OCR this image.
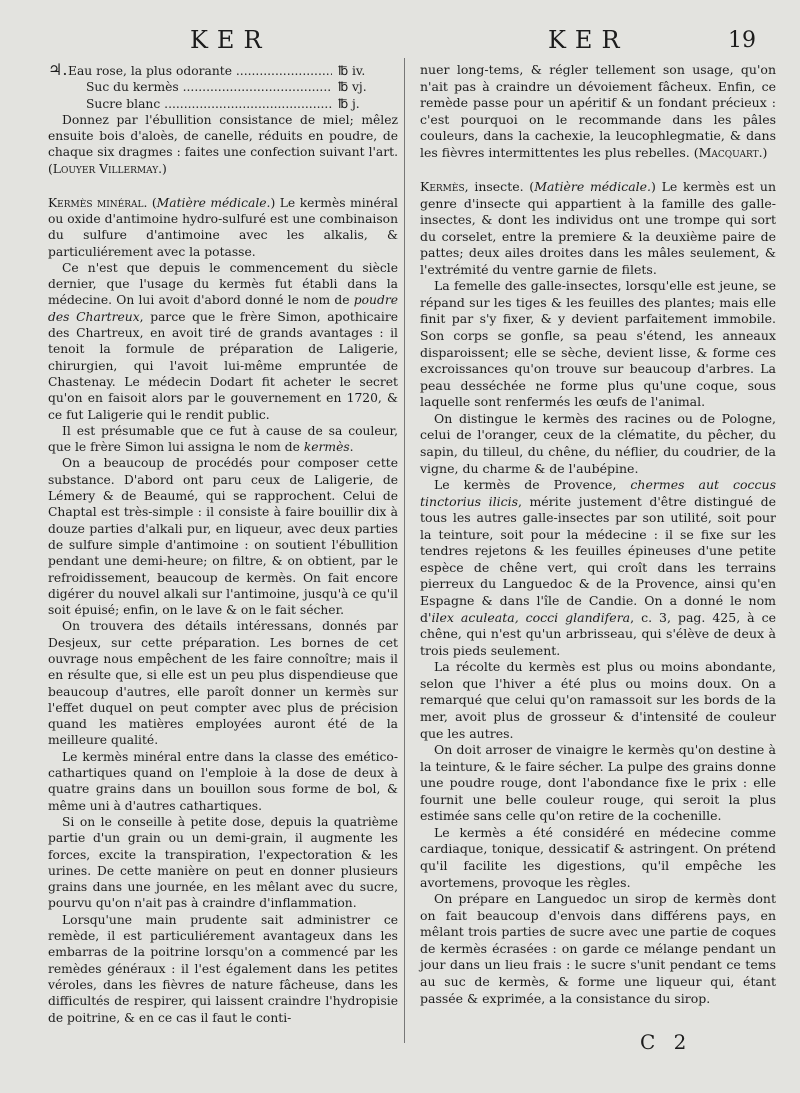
KER	KER	19
♃. Eau rose, la plus odorante .....	℔ iv.
Suc du kermès .....	℔ vj.
Sucre blanc .....	℔ j.

Donnez par l'ébullition consistance de miel; mêlez ensuite bois d'aloès, de canelle, réduits en poudre, de chaque six dragmes : faites une confection suivant l'art. (Louyer Villermay.)

Kermès minéral. (Matière médicale.) Le kermès minéral ou oxide d'antimoine hydro-sulfuré est une combinaison du sulfure d'antimoine avec les alkalis, & particuliérement avec la potasse.

Ce n'est que depuis le commencement du siècle dernier, que l'usage du kermès fut établi dans la médecine. On lui avoit d'abord donné le nom de poudre des Chartreux, parce que le frère Simon, apothicaire des Chartreux, en avoit tiré de grands avantages : il tenoit la formule de préparation de Laligerie, chirurgien, qui l'avoit lui-même empruntée de Chastenay. Le médecin Dodart fit acheter le secret qu'on en faisoit alors par le gouvernement en 1720, & ce fut Laligerie qui le rendit public.

Il est présumable que ce fut à cause de sa couleur, que le frère Simon lui assigna le nom de kermès.

On a beaucoup de procédés pour composer cette substance. D'abord ont paru ceux de Laligerie, de Lémery & de Beaumé, qui se rapprochent. Celui de Chaptal est très-simple : il consiste à faire bouillir dix à douze parties d'alkali pur, en liqueur, avec deux parties de sulfure simple d'antimoine : on soutient l'ébullition pendant une demi-heure; on filtre, & on obtient, par le refroidissement, beaucoup de kermès. On fait encore digérer du nouvel alkali sur l'antimoine, jusqu'à ce qu'il soit épuisé; enfin, on le lave & on le fait sécher.

On trouvera des détails intéressans, donnés par Desjeux, sur cette préparation. Les bornes de cet ouvrage nous empêchent de les faire connoître; mais il en résulte que, si elle est un peu plus dispendieuse que beaucoup d'autres, elle paroît donner un kermès sur l'effet duquel on peut compter avec plus de précision quand les matières employées auront été de la meilleure qualité.

Le kermès minéral entre dans la classe des emético-cathartiques quand on l'emploie à la dose de deux à quatre grains dans un bouillon sous forme de bol, & même uni à d'autres cathartiques.

Si on le conseille à petite dose, depuis la quatrième partie d'un grain ou un demi-grain, il augmente les forces, excite la transpiration, l'expectoration & les urines. De cette manière on peut en donner plusieurs grains dans une journée, en les mêlant avec du sucre, pourvu qu'on n'ait pas à craindre d'inflammation.

Lorsqu'une main prudente sait administrer ce remède, il est particuliérement avantageux dans les embarras de la poitrine lorsqu'on a commencé par les remèdes généraux : il l'est également dans les petites véroles, dans les fièvres de nature fâcheuse, dans les difficultés de respirer, qui laissent craindre l'hydropisie de poitrine, & en ce cas il faut le conti-

nuer long-tems, & régler tellement son usage, qu'on n'ait pas à craindre un dévoiement fâcheux. Enfin, ce remède passe pour un apéritif & un fondant précieux : c'est pourquoi on le recommande dans les pâles couleurs, dans la cachexie, la leucophlegmatie, & dans les fièvres intermittentes les plus rebelles. (Macquart.)

Kermès, insecte. (Matière médicale.) Le kermès est un genre d'insecte qui appartient à la famille des galle-insectes, & dont les individus ont une trompe qui sort du corselet, entre la premiere & la deuxième paire de pattes; deux ailes droites dans les mâles seulement, & l'extrémité du ventre garnie de filets.

La femelle des galle-insectes, lorsqu'elle est jeune, se répand sur les tiges & les feuilles des plantes; mais elle finit par s'y fixer, & y devient parfaitement immobile. Son corps se gonfle, sa peau s'étend, les anneaux disparoissent; elle se sèche, devient lisse, & forme ces excroissances qu'on trouve sur beaucoup d'arbres. La peau desséchée ne forme plus qu'une coque, sous laquelle sont renfermés les œufs de l'animal.

On distingue le kermès des racines ou de Pologne, celui de l'oranger, ceux de la clématite, du pêcher, du sapin, du tilleul, du chêne, du néflier, du coudrier, de la vigne, du charme & de l'aubépine.

Le kermès de Provence, chermes aut coccus tinctorius ilicis, mérite justement d'être distingué de tous les autres galle-insectes par son utilité, soit pour la teinture, soit pour la médecine : il se fixe sur les tendres rejetons & les feuilles épineuses d'une petite espèce de chêne vert, qui croît dans les terrains pierreux du Languedoc & de la Provence, ainsi qu'en Espagne & dans l'île de Candie. On a donné le nom d'ilex aculeata, cocci glandifera, c. 3, pag. 425, à ce chêne, qui n'est qu'un arbrisseau, qui s'élève de deux à trois pieds seulement.

La récolte du kermès est plus ou moins abondante, selon que l'hiver a été plus ou moins doux. On a remarqué que celui qu'on ramassoit sur les bords de la mer, avoit plus de grosseur & d'intensité de couleur que les autres.

On doit arroser de vinaigre le kermès qu'on destine à la teinture, & le faire sécher. La pulpe des grains donne une poudre rouge, dont l'abondance fixe le prix : elle fournit une belle couleur rouge, qui seroit la plus estimée sans celle qu'on retire de la cochenille.

Le kermès a été considéré en médecine comme cardiaque, tonique, dessicatif & astringent. On prétend qu'il facilite les digestions, qu'il empêche les avortemens, provoque les règles.

On prépare en Languedoc un sirop de kermès dont on fait beaucoup d'envois dans différens pays, en mêlant trois parties de sucre avec une partie de coques de kermès écrasées : on garde ce mélange pendant un jour dans un lieu frais : le sucre s'unit pendant ce tems au suc de kermès, & forme une liqueur qui, étant passée & exprimée, a la consistance du sirop.

C 2
